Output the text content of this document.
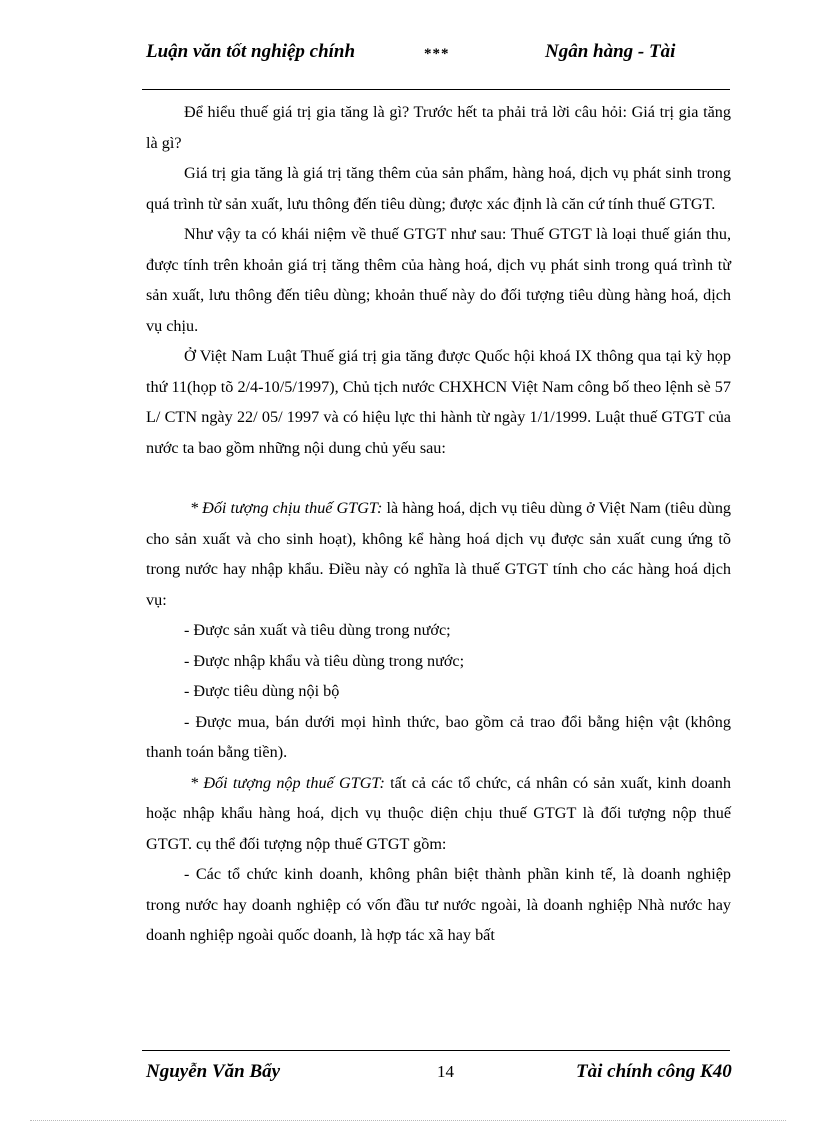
Luận văn tốt nghiệp chính	***	Ngân hàng - Tài

Để hiểu thuế giá trị gia tăng là gì? Trước hết ta phải trả lời câu hỏi: Giá trị gia tăng là gì?

Giá trị gia tăng là giá trị tăng thêm của sản phẩm, hàng hoá, dịch vụ phát sinh trong quá trình từ sản xuất, lưu thông đến tiêu dùng; được xác định là căn cứ tính thuế GTGT.

Như vậy ta có khái niệm về thuế GTGT như sau: Thuế GTGT là loại thuế gián thu, được tính trên khoản giá trị tăng thêm của hàng hoá, dịch vụ phát sinh trong quá trình từ sản xuất, lưu thông đến tiêu dùng; khoản thuế này do đối tượng tiêu dùng hàng hoá, dịch vụ chịu.

Ở Việt Nam Luật Thuế giá trị gia tăng được Quốc hội khoá IX thông qua tại kỳ họp thứ 11(họp tõ 2/4-10/5/1997), Chủ tịch nước CHXHCN Việt Nam công bố theo lệnh sè 57 L/ CTN ngày 22/ 05/ 1997 và có hiệu lực thi hành từ ngày 1/1/1999. Luật thuế GTGT của nước ta bao gồm những nội dung chủ yếu sau:

* Đối tượng chịu thuế GTGT: là hàng hoá, dịch vụ tiêu dùng ở Việt Nam (tiêu dùng cho sản xuất và cho sinh hoạt), không kể hàng hoá dịch vụ được sản xuất cung ứng tõ trong nước hay nhập khẩu. Điều này có nghĩa là thuế GTGT tính cho các hàng hoá dịch vụ:

- Được sản xuất và tiêu dùng trong nước;

- Được nhập khẩu và tiêu dùng trong nước;

- Được tiêu dùng nội bộ

- Được mua, bán dưới mọi hình thức, bao gồm cả trao đổi bằng hiện vật (không thanh toán bằng tiền).

* Đối tượng nộp thuế GTGT: tất cả các tổ chức, cá nhân có sản xuất, kinh doanh hoặc nhập khẩu hàng hoá, dịch vụ thuộc diện chịu thuế GTGT là đối tượng nộp thuế GTGT. cụ thể đối tượng nộp thuế GTGT gồm:

- Các tổ chức kinh doanh, không phân biệt thành phần kinh tế, là doanh nghiệp trong nước hay doanh nghiệp có vốn đầu tư nước ngoài, là doanh nghiệp Nhà nước hay doanh nghiệp ngoài quốc doanh, là hợp tác xã hay bất

Nguyễn Văn Bẩy	14	Tài chính công K40
